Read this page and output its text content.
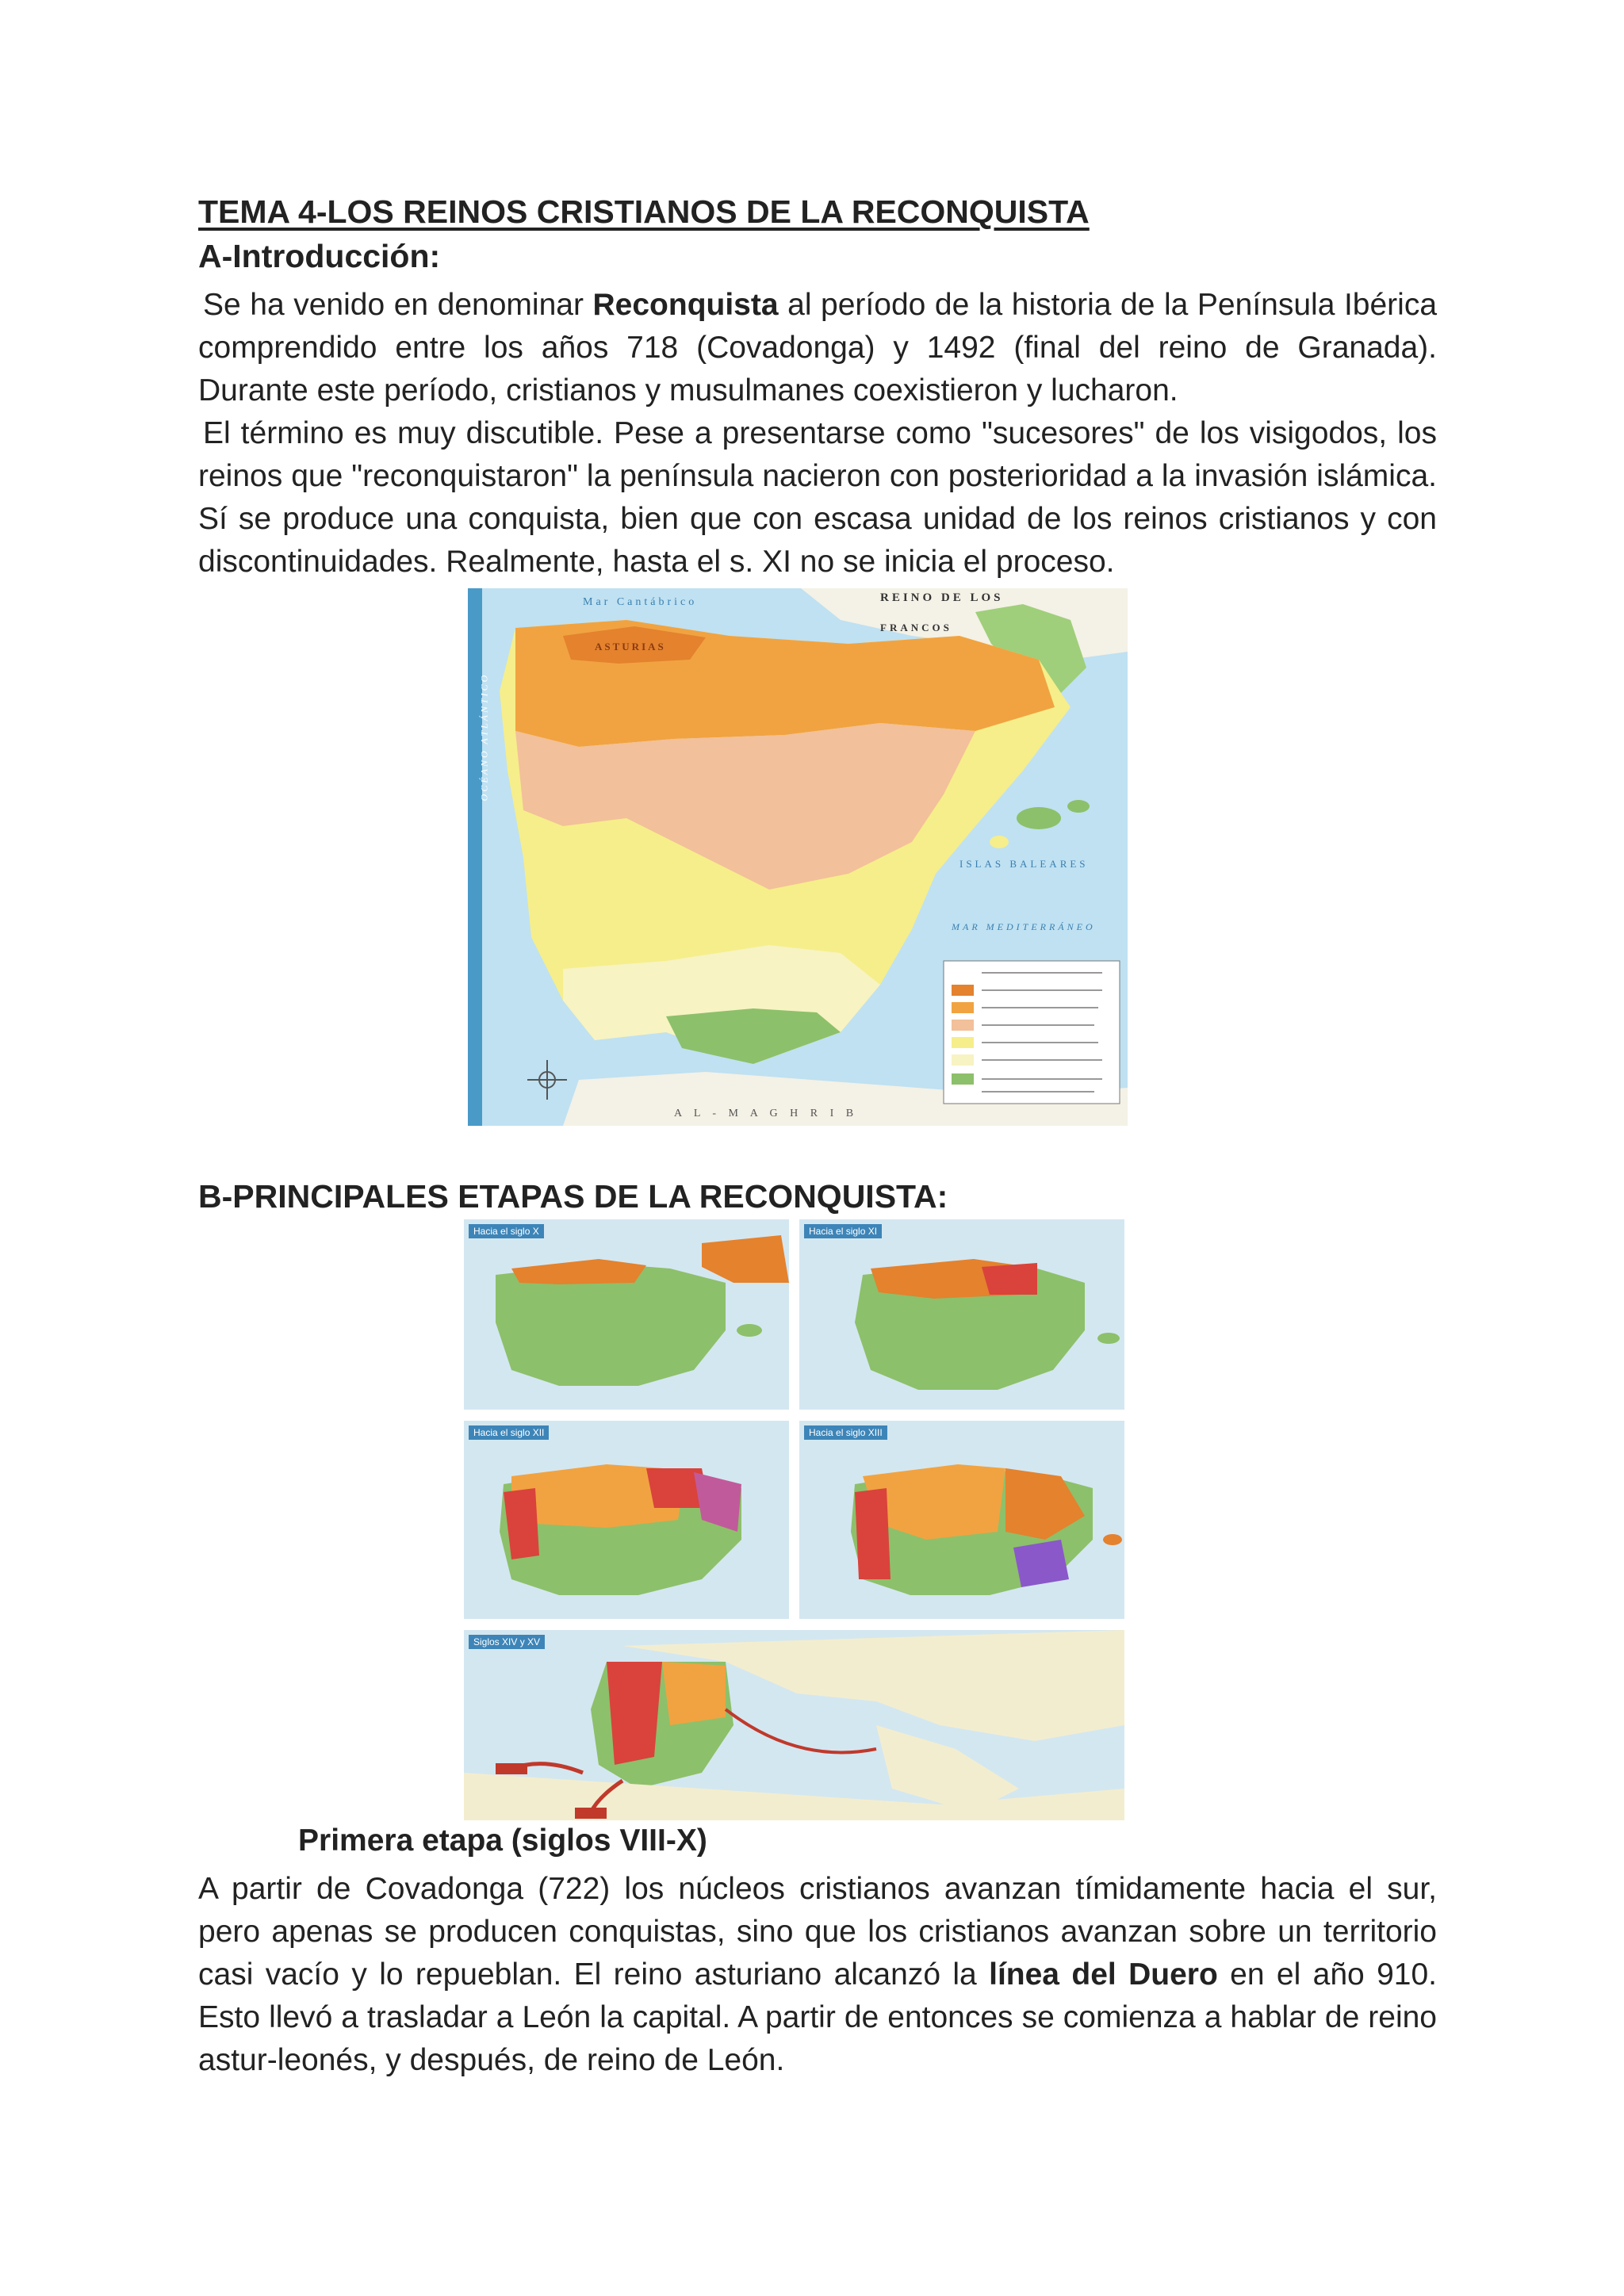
TEMA 4-LOS REINOS CRISTIANOS DE LA RECONQUISTA
A-Introducción:

Se ha venido en denominar Reconquista al período de la historia de la Península Ibérica comprendido entre los años 718 (Covadonga) y 1492 (final del reino de Granada). Durante este período, cristianos y musulmanes coexistieron y lucharon.

El término es muy discutible. Pese a presentarse como "sucesores" de los visigodos, los reinos que "reconquistaron" la península nacieron con posterioridad a la invasión islámica. Sí se produce una conquista, bien que con escasa unidad de los reinos cristianos y con discontinuidades. Realmente, hasta el s. XI no se inicia el proceso.

Mar Cantábrico	REINO DE LOS
FRANCOS
ASTURIAS
ISLAS BALEARES
MAR MEDITERRÁNEO
A L - M A G H R I B
OCÉANO ATLÁNTICO
B-PRINCIPALES ETAPAS DE LA RECONQUISTA:
Hacia el siglo X	Hacia el siglo XI
Hacia el siglo XII	Hacia el siglo XIII
Siglos XIV y XV
Primera etapa (siglos VIII-X)

A partir de Covadonga (722) los núcleos cristianos avanzan tímidamente hacia el sur, pero apenas se producen conquistas, sino que los cristianos avanzan sobre un territorio casi vacío y lo repueblan. El reino asturiano alcanzó la línea del Duero en el año 910. Esto llevó a trasladar a León la capital. A partir de entonces se comienza a hablar de reino astur-leonés, y después, de reino de León.
